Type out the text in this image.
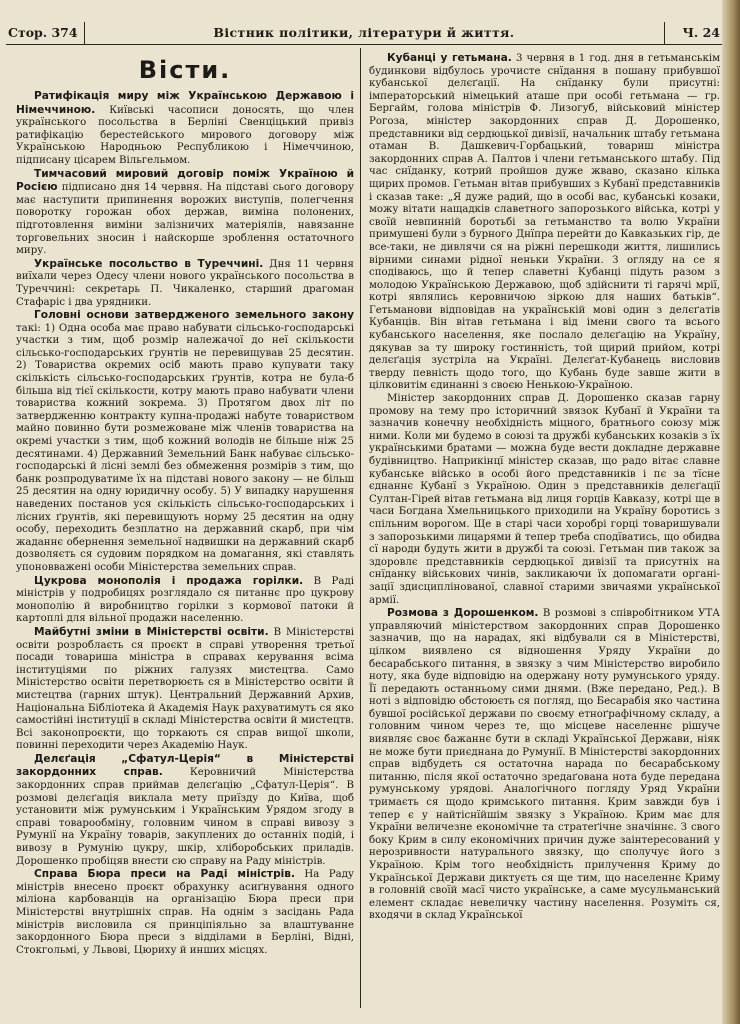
Стор. 374	Вістник політики, літератури й життя.	Ч. 24
Вісти.

Ратифікація миру між Українською Державою і Німеччиною. Київські часописи доносять, що член українського посольства в Берліні Свенціцький привіз ратифікацію берестейського мирового договору між Українською Народньою Республикою і Німеччиною, підписану цісарем Вільгельмом.

Тимчасовий мировий договір поміж Україною й Росією підписано дня 14 червня. На підставі сього договору має наступити припинення ворожих виступів, полегчення поворотку горожан обох держав, виміна полонених, підготовлення виміни залізничих матеріялів, навязанне торговельних зносин і найскорше зроблення остаточного миру.

Українське посольство в Туреччині. Дня 11 червня виїхали через Одесу члени нового українського посольства в Туреччині: секретарь П. Чикаленко, старший драгоман Стафаріс і два урядники.

Головні основи затвердженого земельного закону такі: 1) Одна особа має право набувати сільсько-господарські участки з тим, щоб розмір належачої до неї скількости сільсько-господарських ґрунтів не перевищував 25 десятин. 2) Товариства окремих осіб мають право купувати таку скількість сільсько-господарських ґрунтів, котра не була-б більша від тієї скількости, котру мають право набувати члени товариства кожний зокрема. 3) Протягом двох літ по затвердженню контракту купна-продажі набуте товариством майно повинно бути розмежоване між членів товариства на окремі участки з тим, щоб кожний володів не більше ніж 25 десятинами. 4) Державний Земельний Банк набуває сільсько-господарські й лісні землі без обмеження розмірів з тим, що банк розпродуватиме їх на підставі нового закону — не більш 25 десятин на одну юридичну особу. 5) У випадку нарушення наведених постанов уся скількість сільсько-господарських і лісних ґрунтів, які перевищують норму 25 десятин на одну особу, переходить безплатно на державний скарб, при чім жаданнє обернення земельної надвишки на державний скарб дозволяєть ся судовим порядком на домагання, які ставлять упоновважені особи Міністерства земельних справ.

Цукрова монополія і продажа горілки. В Раді міністрів у подробицях розглядало ся питаннє про цукрову монополію й виробництво горілки з кормової патоки й картоплі для вільної продажи населенню.

Майбутні зміни в Міністерстві освіти. В Міністерстві освіти розроблаєть ся проєкт в справі утворення третьої посади товариша міністра в справах керування всіма інституціями по ріжних галузях мистецтва. Само Міністерство освіти перетворюєть ся в Міністерство освіти й мистецтва (гарних штук). Центральний Державний Архив, Національна Бібліотека й Академія Наук рахуватимуть ся яко самостійні інституції в складі Міністерства освіти й мистецтв. Всі законопроєкти, що торкають ся справ вищої школи, повинні переходити через Академію Наук.

Делєґація „Сфатул-Церія“ в Міністерстві закордонних справ.	Керовничий Міністерства закордонних справ приймав делєґацію „Сфатул-Церія“. В розмові делєґація виклала мету приїзду до Київа, щоб установити між румунським і Українським Урядом згоду в справі товарообміну, головним чином в справі вивозу з Румунії на Україну товарів, закуплених до останніх подій, і вивозу в Румунію цукру, шкір, хліборобських приладів. Дорошенко пробіцяв внести сю справу на Раду міністрів.

Справа Бюра преси на Раді міністрів. На Раду міністрів внесено проєкт обрахунку асиґнування одного міліона карбованців на організацію Бюра преси при Міністерстві внутрішніх справ. На однім з засідань Рада міністрів висловила ся принціпіяльно за влаштуванне закордонного Бюра преси з відділами в Берліні, Відні, Стокгольмі, у Львові, Цюриху й инших місцях.

Кубанці у гетьмана. 3 червня в 1 год. дня в гетьманськім будинкови відбулось урочисте снїдання в пошану прибувшої кубанської делєґації. На снїданку були присутні: імператорський німецький аташе при особі гетьмана — гр. Бергайм, голова міністрів Ф. Лизогуб, військовий міністер Рогоза, міністер закордонних справ Д. Дорошенко, представники від сердюцької дивізії, начальник штабу гетьмана отаман В. Дашкевич-Горбацький, товариш міністра закордонних справ А. Палтов і члени гетьманського штабу. Під час снїданку, котрий пройшов дуже жваво, сказано кілька щирих промов. Гетьман вітав прибувших з Кубанї представників і сказав таке: „Я дуже радий, що в особі вас, кубанські козаки, можу вітати нащадків славетного запорозького війська, котрі у своїй невпинній боротьбі за гетьманство та волю України примушені були з бурного Днїпра перейти до Кавказьких гір, де все-таки, не дивлячи ся на ріжні перешкоди життя, лишились вірними синами рідної неньки України. З огляду на се я сподіваюсь, що й тепер славетні Кубанці підуть разом з молодою Українською Державою, щоб здійснити ті гарячі мрії, котрі являлись керовничою зіркою для наших батьків“. Гетьманови відповідав на українській мові один з делєґатів Кубанців. Він вітав гетьмана і від імени свого та всього кубанського населення, яке послало делєґацію на Україну, дякував за ту широку гостинність, той щирий прийом, котрі делєґація зустріла на Україні. Делєґат-Кубанець висловив тверду певність щодо того, що Кубань буде завше жити в цілковитім єдинанні з своєю Ненькою-Україною.

Міністер закордонних справ Д. Дорошенко сказав гарну промову на тему про історичний звязок Кубанї й України та зазначив конечну необхідність міцного, братнього союзу між ними. Коли ми будемо в союзі та дружбі кубанських козаків з їх українськими братами — можна буде вести докладне державне будівництво. Наприкінцї міністер сказав, що радо вітає славне кубанське військо в особі його представників і пє за тїсне єднаннє Кубанї з Україною. Один з представників делєґації Султан-Гірей вітав гетьмана від лиця горців Кавказу, котрі ще в часи Богдана Хмельницького приходили на Україну боротись з спільним ворогом. Ще в старі часи хоробрі горці товаришували з запорозькими лицарями й тепер треба сподїватись, що обидва сї народи будуть жити в дружбі та союзі. Гетьман пив також за здоровлє представників сердюцької дивізії та присутніх на снїданку військових чинів, закликаючи їх допомагати організації здисциплінованої, славної старими звичаями української армії.

Розмова з Дорошенком. В розмові з співробітником УТА управляючий міністерством закордонних справ Дорошенко зазначив, що на нарадах, які відбували ся в Міністерстві, цілком виявлено ся відношення Уряду України до бесарабського питання, в звязку з чим Міністерство виробило ноту, яка буде відповідю на одержану ноту румунського уряду. Її передають останньому сими днями. (Вже передано, Ред.). В ноті з відповідю обстоюєть ся погляд, що Бесарабія яко частина бувшої російської держави по своєму етноґрафічному складу, а головним чином через те, що місцеве населеннє рішуче виявляє своє бажаннє бути в складі Української Держави, ніяк не може бути приєднана до Румунії. В Міністерстві закордонних справ відбудеть ся остаточна нарада по бесарабському питанню, після якої остаточно зредаґована нота буде передана румунському урядові. Аналогічного погляду Уряд України тримаєть ся щодо кримського питання. Крим завжди був і тепер є у найтіснїйшім звязку з Україною. Крим має для України величезне економічне та стратеґічне значіннє. З свого боку Крим в силу економічних причин дуже заінтересований у нерозривности натурального звязку, що сполучує його з Україною. Крім того необхідність прилучення Криму до Української Держави диктуєть ся ще тим, що населеннє Криму в головній своїй масї чисто українське, а саме мусульманський елемент складає невеличку частину населення. Розуміть ся, входячи в склад Української
